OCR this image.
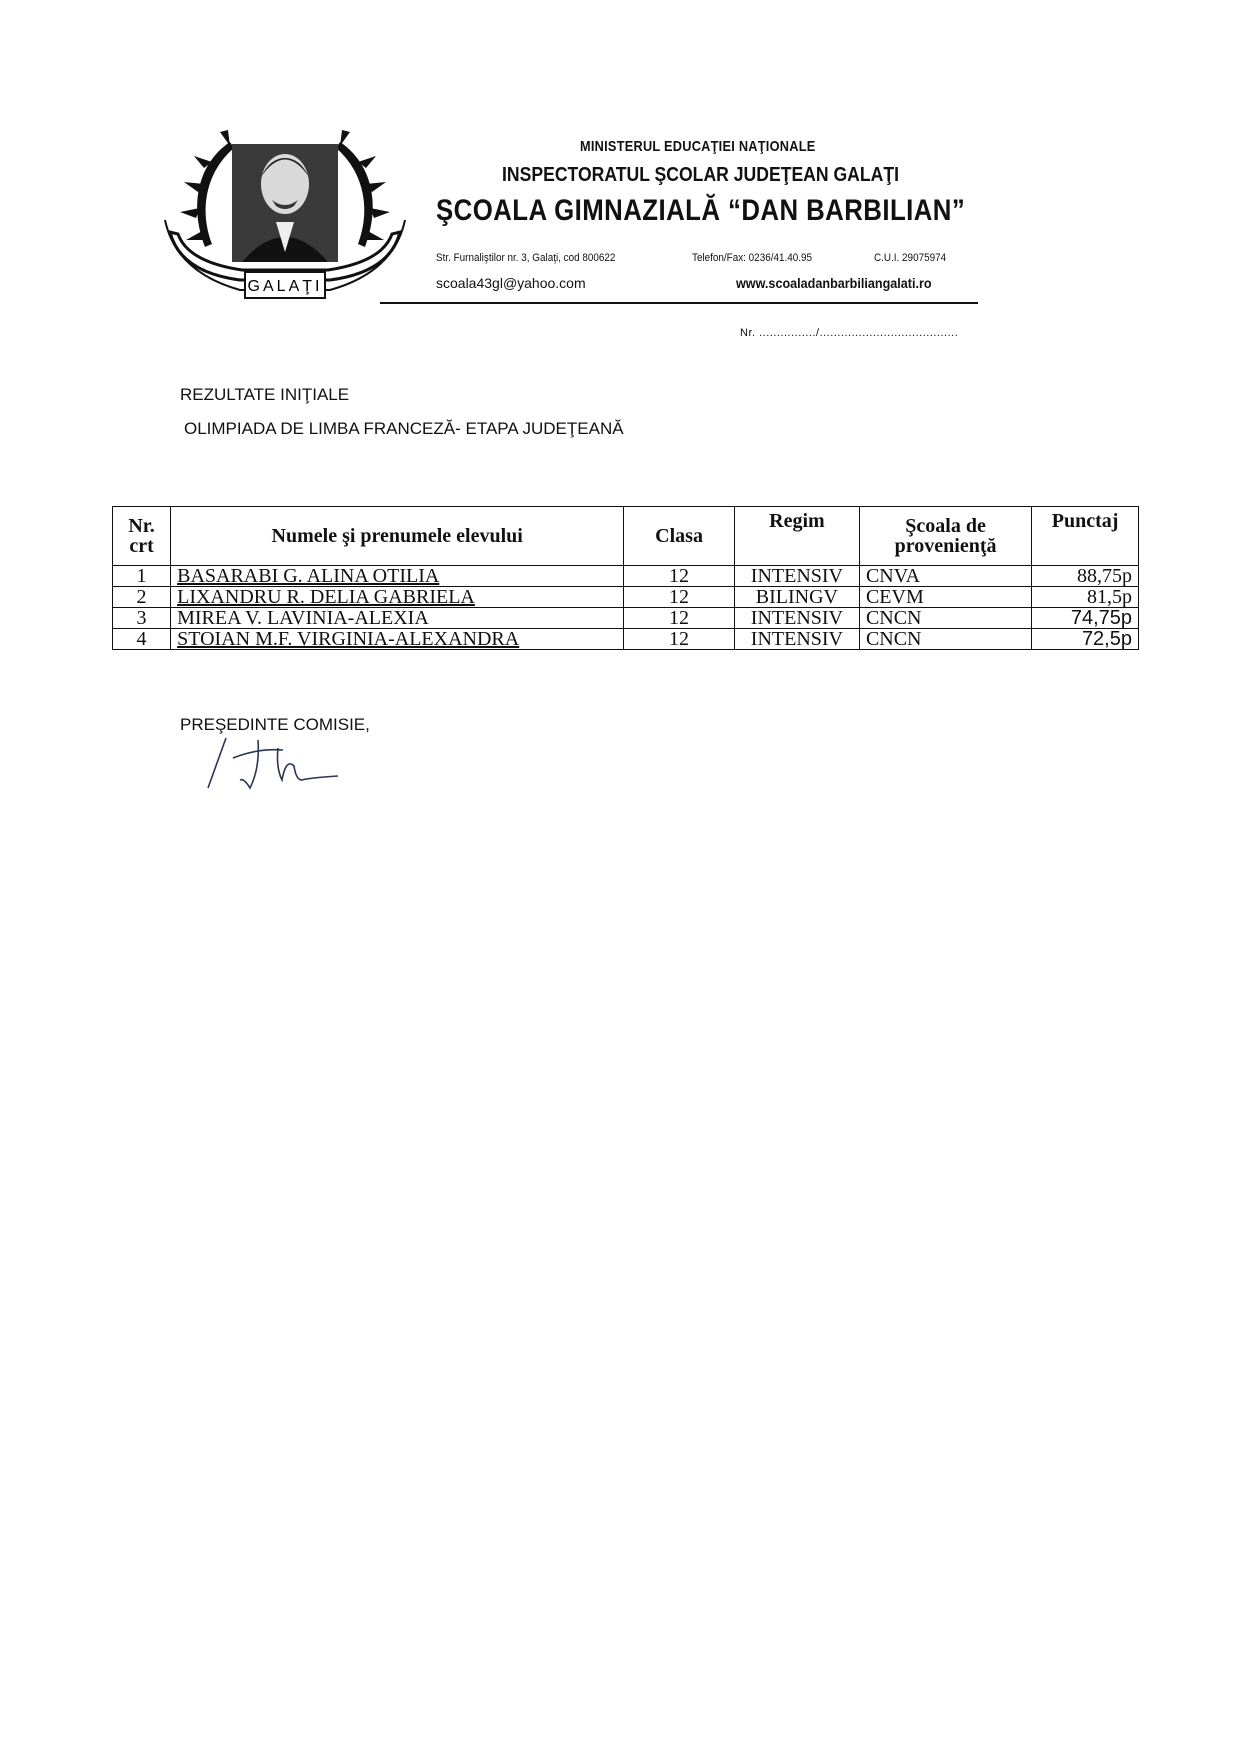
GALAŢI
MINISTERUL EDUCAŢIEI NAŢIONALE
INSPECTORATUL ŞCOLAR JUDEŢEAN GALAŢI
ŞCOALA GIMNAZIALĂ “DAN BARBILIAN”
Str. Furnaliştilor nr. 3, Galaţi, cod 800622	Telefon/Fax: 0236/41.40.95	C.U.I. 29075974
scoala43gl@yahoo.com	www.scoaladanbarbiliangalati.ro
Nr. ................/.......................................
REZULTATE INIŢIALE
OLIMPIADA DE LIMBA FRANCEZĂ- ETAPA JUDEŢEANĂ
Nr. crt	Numele şi prenumele elevului	Clasa	Regim	Şcoala de provenienţă	Punctaj
1	BASARABI G. ALINA OTILIA	12	INTENSIV	CNVA	88,75p
2	LIXANDRU R. DELIA GABRIELA	12	BILINGV	CEVM	81,5p
3	MIREA V. LAVINIA-ALEXIA	12	INTENSIV	CNCN	74,75p
4	STOIAN M.F. VIRGINIA-ALEXANDRA	12	INTENSIV	CNCN	72,5p
PREŞEDINTE COMISIE,
